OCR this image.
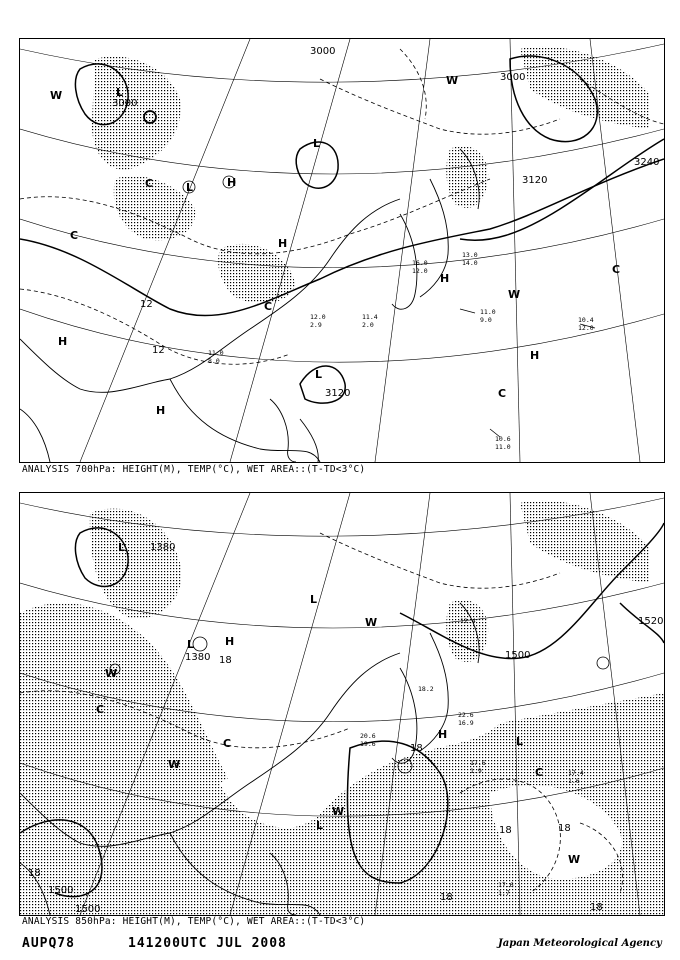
3000
3000
3000
3120
3240
3120
12
12
L
L
L
L
H
H
H
H
H
H
W
W
W
C
C
C
C
C	11.0
9.0	10.4
12.0
10.6
11.0
11.0
8.0
13.0
14.0
16.0
12.0
11.4
2.0
12.0
2.9
ANALYSIS 700hPa: HEIGHT(M), TEMP(°C), WET AREA::(T-TD<3°C)
1380
1380	1500
1520
1500
1500
18
18
18	18
18
18
18
L
L
L
L
L
H
H
W
W
W
W
W
C
C
C
17.6
1.9	17.4
1.6
17.6
1.7
22.6
16.9
18.2
20.6
19.6
12.4
ANALYSIS 850hPa: HEIGHT(M), TEMP(°C), WET AREA::(T-TD<3°C)
AUPQ78	141200UTC JUL 2008	Japan Meteorological Agency
